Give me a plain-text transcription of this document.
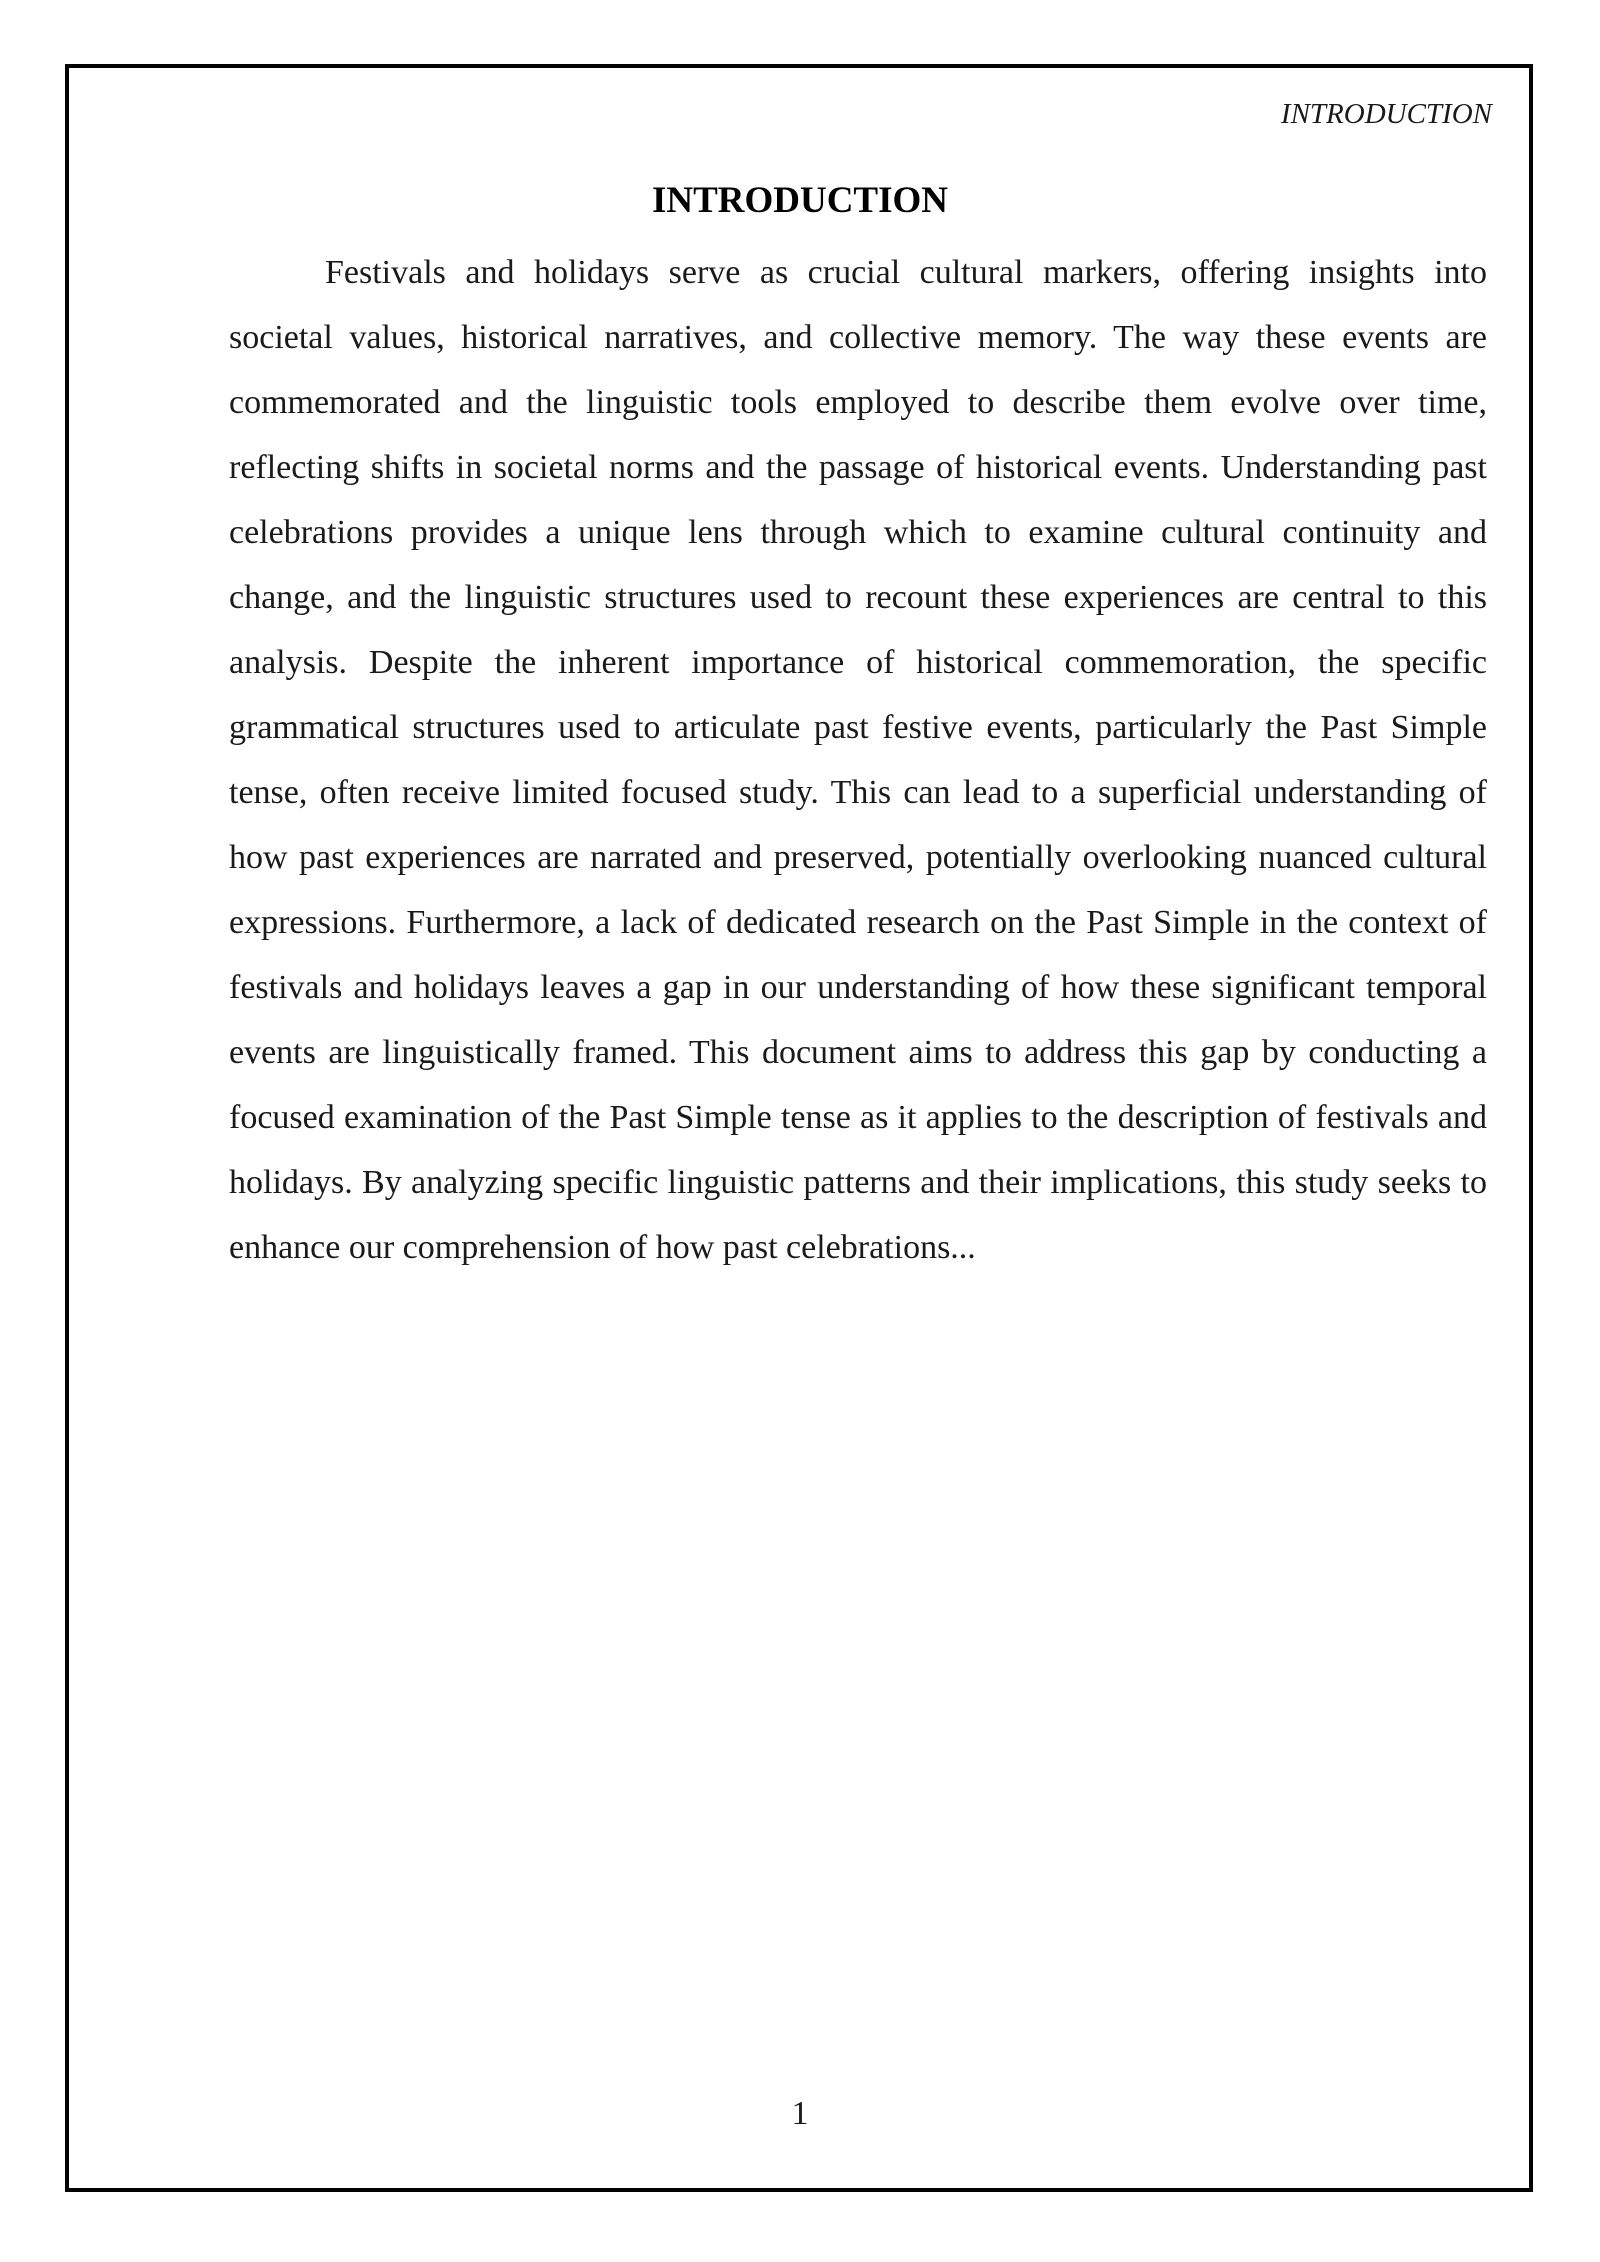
INTRODUCTION
INTRODUCTION

Festivals and holidays serve as crucial cultural markers, offering insights into societal values, historical narratives, and collective memory. The way these events are commemorated and the linguistic tools employed to describe them evolve over time, reflecting shifts in societal norms and the passage of historical events. Understanding past celebrations provides a unique lens through which to examine cultural continuity and change, and the linguistic structures used to recount these experiences are central to this analysis. Despite the inherent importance of historical commemoration, the specific grammatical structures used to articulate past festive events, particularly the Past Simple tense, often receive limited focused study. This can lead to a superficial understanding of how past experiences are narrated and preserved, potentially overlooking nuanced cultural expressions. Furthermore, a lack of dedicated research on the Past Simple in the context of festivals and holidays leaves a gap in our understanding of how these significant temporal events are linguistically framed. This document aims to address this gap by conducting a focused examination of the Past Simple tense as it applies to the description of festivals and holidays. By analyzing specific linguistic patterns and their implications, this study seeks to enhance our comprehension of how past celebrations...

1
